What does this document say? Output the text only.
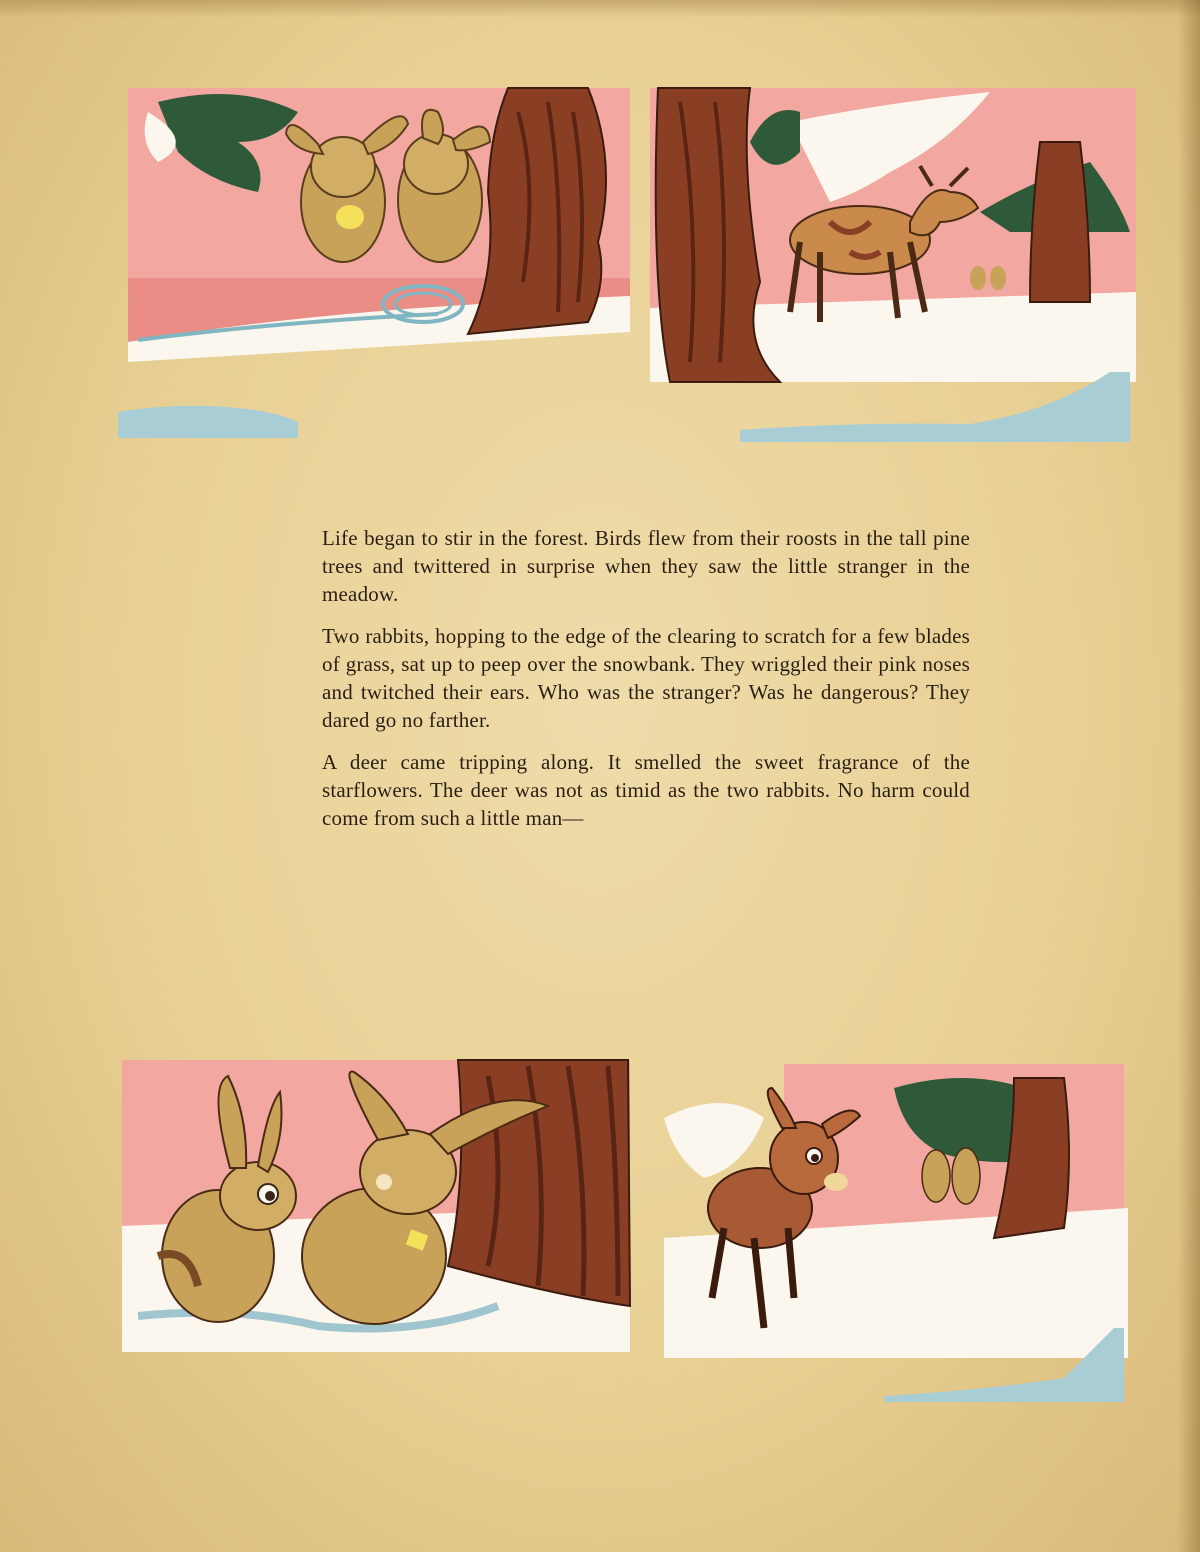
Life began to stir in the forest. Birds flew from their roosts in the tall pine trees and twittered in surprise when they saw the little stranger in the meadow.

Two rabbits, hopping to the edge of the clearing to scratch for a few blades of grass, sat up to peep over the snowbank. They wriggled their pink noses and twitched their ears. Who was the stranger? Was he dangerous? They dared go no farther.

A deer came tripping along. It smelled the sweet fragrance of the starflowers. The deer was not as timid as the two rabbits. No harm could come from such a little man—
